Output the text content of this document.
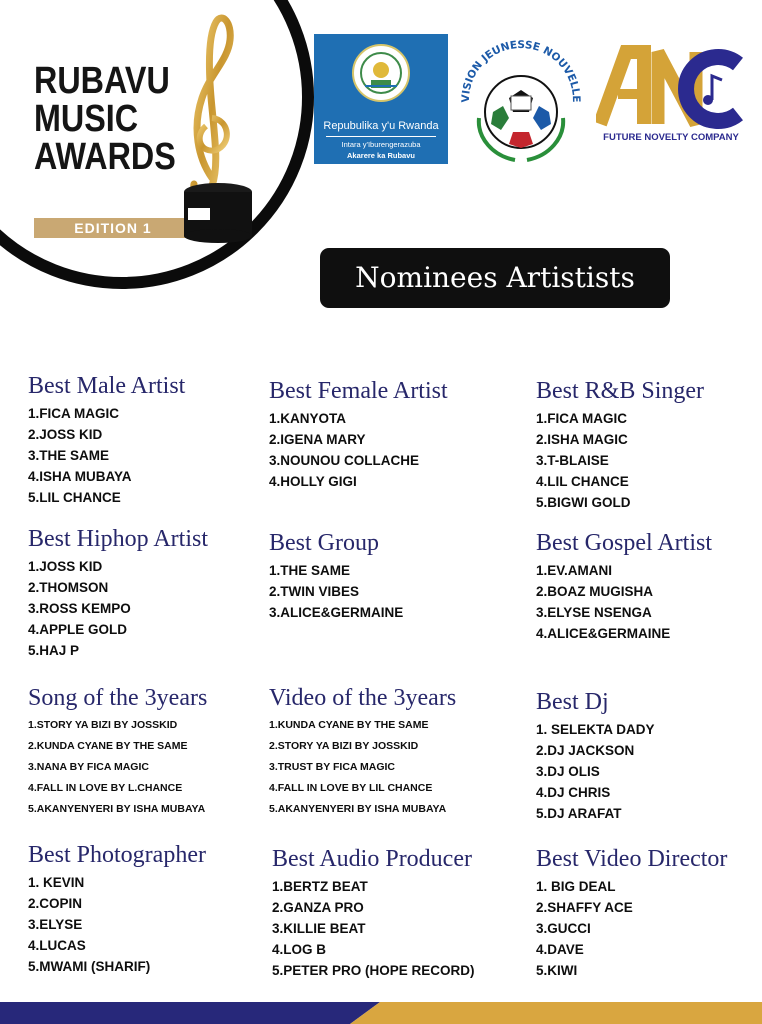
RUBAVU
MUSIC
AWARDS
EDITION 1
Repubulika y'u Rwanda
Intara y'Iburengerazuba
Akarere ka Rubavu
VISION JEUNESSE NOUVELLE
FUTURE NOVELTY COMPANY
Nominees Artistists
Best Male Artist
1.FICA MAGIC
2.JOSS KID
3.THE SAME
4.ISHA MUBAYA
5.LIL CHANCE
Best Female Artist
1.KANYOTA
2.IGENA MARY
3.NOUNOU COLLACHE
4.HOLLY GIGI
Best R&B Singer
1.FICA MAGIC
2.ISHA MAGIC
3.T-BLAISE
4.LIL CHANCE
5.BIGWI GOLD
Best Hiphop Artist
1.JOSS KID
2.THOMSON
3.ROSS KEMPO
4.APPLE GOLD
5.HAJ P
Best Group
1.THE SAME
2.TWIN VIBES
3.ALICE&GERMAINE
Best Gospel Artist
1.EV.AMANI
2.BOAZ MUGISHA
3.ELYSE NSENGA
4.ALICE&GERMAINE
Song of the 3years
1.STORY YA BIZI BY JOSSKID
2.KUNDA CYANE BY THE SAME
3.NANA BY FICA MAGIC
4.FALL IN LOVE BY L.CHANCE
5.AKANYENYERI BY ISHA MUBAYA
Video of the 3years
1.KUNDA CYANE BY THE SAME
2.STORY YA BIZI BY JOSSKID
3.TRUST BY FICA MAGIC
4.FALL IN LOVE BY LIL CHANCE
5.AKANYENYERI BY ISHA MUBAYA
Best Dj
1. SELEKTA DADY
2.DJ JACKSON
3.DJ OLIS
4.DJ CHRIS
5.DJ ARAFAT
Best Photographer
1. KEVIN
2.COPIN
3.ELYSE
4.LUCAS
5.MWAMI (SHARIF)
Best Audio Producer
1.BERTZ BEAT
2.GANZA PRO
3.KILLIE BEAT
4.LOG B
5.PETER PRO (HOPE RECORD)
Best Video Director
1. BIG DEAL
2.SHAFFY ACE
3.GUCCI
4.DAVE
5.KIWI
